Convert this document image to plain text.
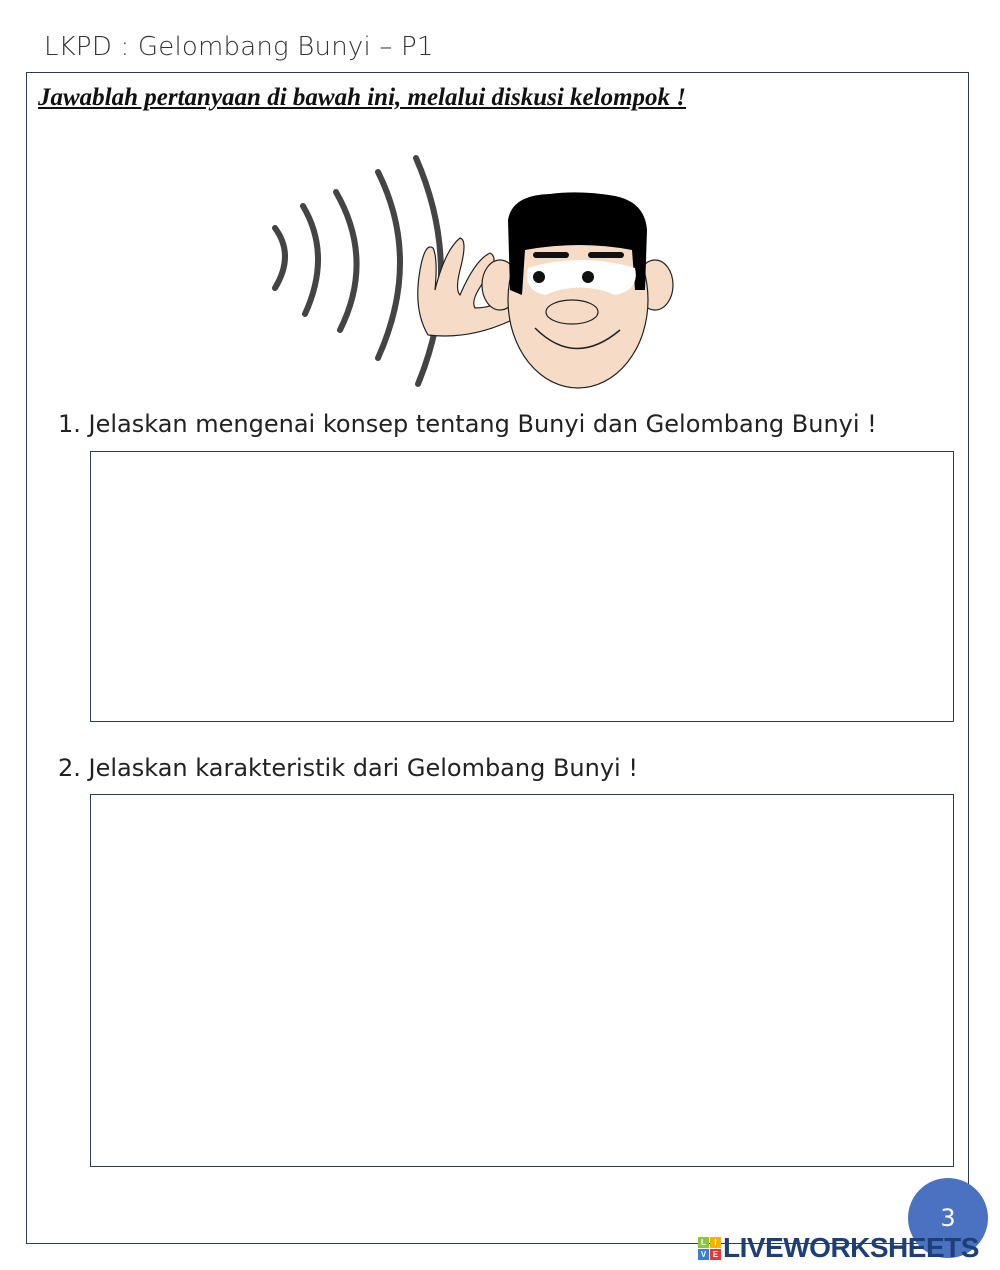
LKPD : Gelombang Bunyi – P1
Jawablah pertanyaan di bawah ini, melalui diskusi kelompok !
1. Jelaskan mengenai konsep tentang Bunyi dan Gelombang Bunyi !
2. Jelaskan karakteristik dari Gelombang Bunyi !
3
L	I
V E LIVEWORKSHEETS
